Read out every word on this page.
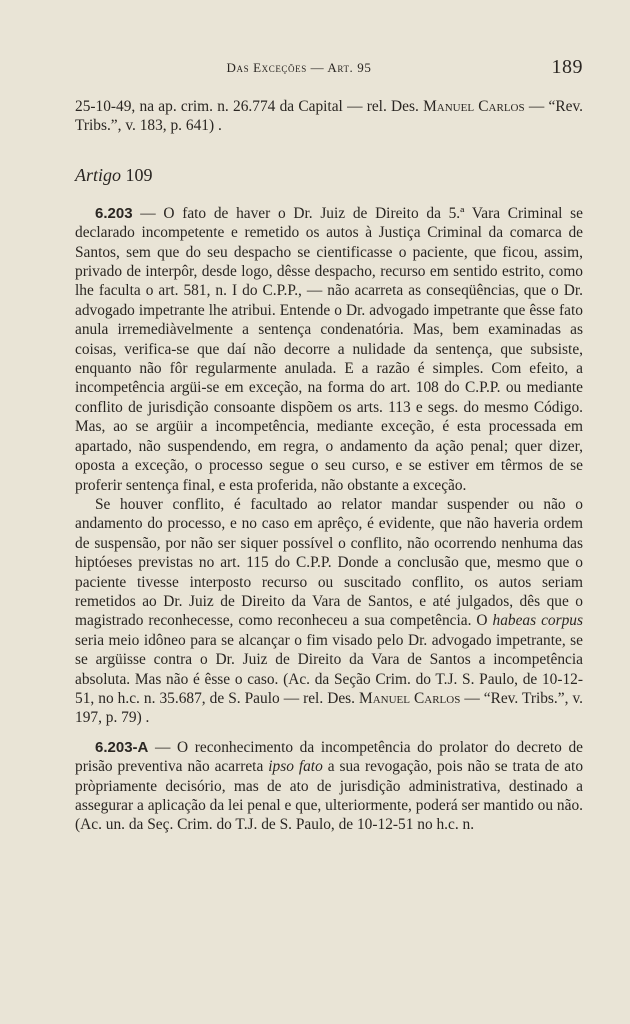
Das Exceções — Art. 95	189

25-10-49, na ap. crim. n. 26.774 da Capital — rel. Des. Manuel Carlos — “Rev. Tribs.”, v. 183, p. 641) .

Artigo 109

6.203 — O fato de haver o Dr. Juiz de Direito da 5.ª Vara Criminal se declarado incompetente e remetido os autos à Justiça Criminal da comarca de Santos, sem que do seu despacho se cientificasse o paciente, que ficou, assim, privado de interpôr, desde logo, dêsse despacho, recurso em sentido estrito, como lhe faculta o art. 581, n. I do C.P.P., — não acarreta as conseqüências, que o Dr. advogado impetrante lhe atribui. Entende o Dr. advogado impetrante que êsse fato anula irremediàvelmente a sentença condenatória. Mas, bem examinadas as coisas, verifica-se que daí não decorre a nulidade da sentença, que subsiste, enquanto não fôr regularmente anulada. E a razão é simples. Com efeito, a incompetência argüi-se em exceção, na forma do art. 108 do C.P.P. ou mediante conflito de jurisdição consoante dispõem os arts. 113 e segs. do mesmo Código. Mas, ao se argüir a incompetência, mediante exceção, é esta processada em apartado, não suspendendo, em regra, o andamento da ação penal; quer dizer, oposta a exceção, o processo segue o seu curso, e se estiver em têrmos de se proferir sentença final, e esta proferida, não obstante a exceção.

Se houver conflito, é facultado ao relator mandar suspender ou não o andamento do processo, e no caso em aprêço, é evidente, que não haveria ordem de suspensão, por não ser siquer possível o conflito, não ocorrendo nenhuma das hiptóeses previstas no art. 115 do C.P.P. Donde a conclusão que, mesmo que o paciente tivesse interposto recurso ou suscitado conflito, os autos seriam remetidos ao Dr. Juiz de Direito da Vara de Santos, e até julgados, dês que o magistrado reconhecesse, como reconheceu a sua competência. O habeas corpus seria meio idôneo para se alcançar o fim visado pelo Dr. advogado impetrante, se se argüisse contra o Dr. Juiz de Direito da Vara de Santos a incompetência absoluta. Mas não é êsse o caso. (Ac. da Seção Crim. do T.J. S. Paulo, de 10-12-51, no h.c. n. 35.687, de S. Paulo — rel. Des. Manuel Carlos — “Rev. Tribs.”, v. 197, p. 79) .

6.203-A — O reconhecimento da incompetência do prolator do decreto de prisão preventiva não acarreta ipso fato a sua revogação, pois não se trata de ato pròpriamente decisório, mas de ato de jurisdição administrativa, destinado a assegurar a aplicação da lei penal e que, ulteriormente, poderá ser mantido ou não. (Ac. un. da Seç. Crim. do T.J. de S. Paulo, de 10-12-51 no h.c. n.
